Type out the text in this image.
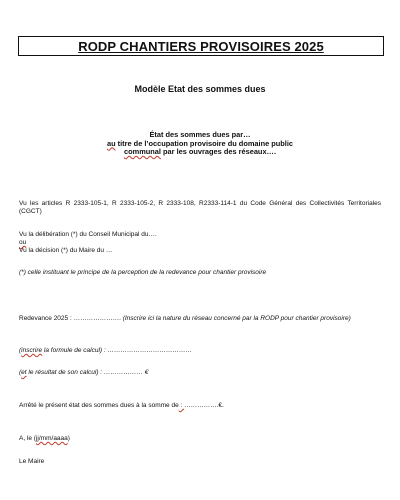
RODP CHANTIERS PROVISOIRES 2025
Modèle Etat des sommes dues
État des sommes dues par…
au titre de l’occupation provisoire du domaine public
communal par les ouvrages des réseaux….
Vu les articles R 2333-105-1, R 2333-105-2, R 2333-108, R2333-114-1 du Code Général des Collectivités Territoriales (CGCT)
Vu la délibération (*) du Conseil Municipal du….
ou
Vu la décision (*) du Maire du …
(*) celle instituant le principe de la perception de la redevance pour chantier provisoire
Redevance 2025 : …………………. (Inscrire ici la nature du réseau concerné par la RODP pour chantier provisoire)
(inscrire la formule de calcul) : …………………………………
(et le résultat de son calcul) : ……………… €
Arrêté le présent état des sommes dues à la somme de : …………….€.
A, le (jj/mm/aaaa)
Le Maire
